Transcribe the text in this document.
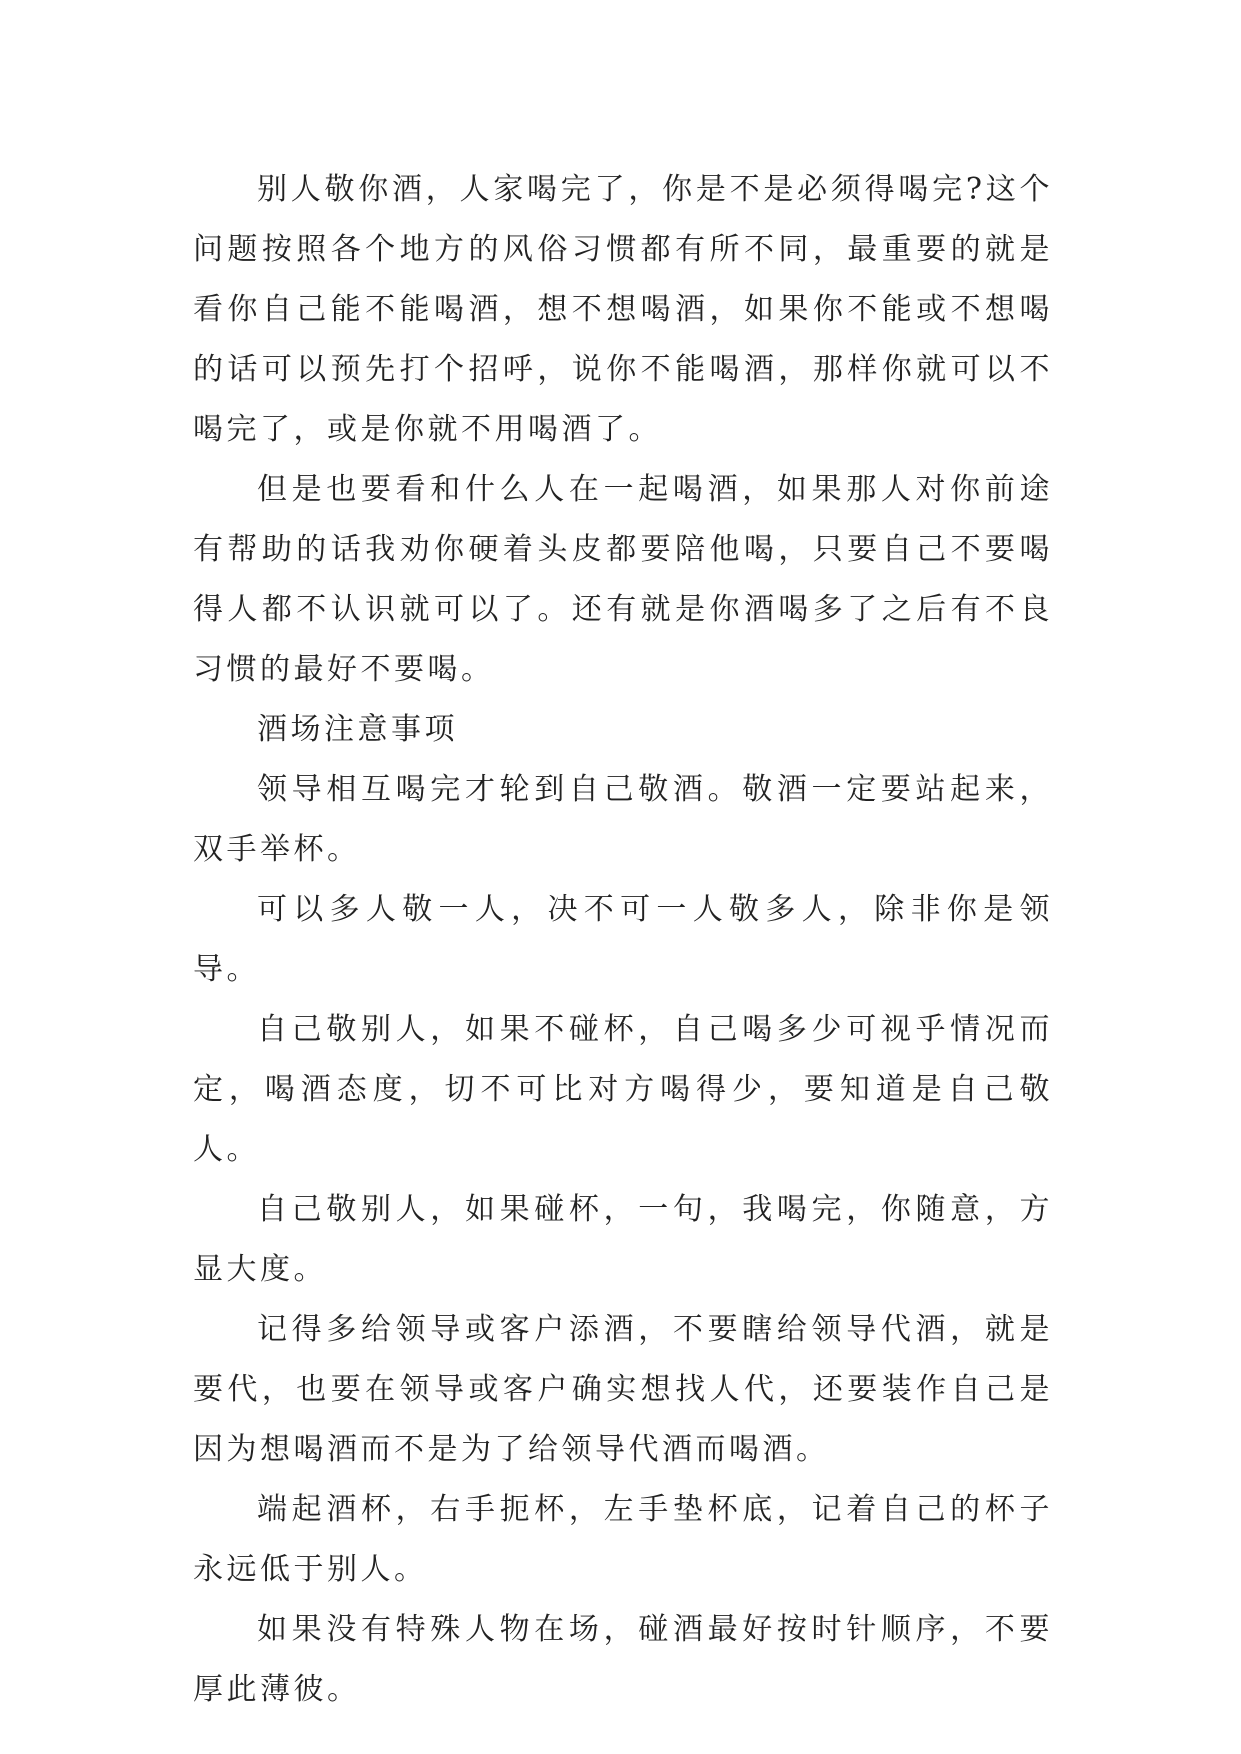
别人敬你酒，人家喝完了，你是不是必须得喝完?这个问题按照各个地方的风俗习惯都有所不同，最重要的就是看你自己能不能喝酒，想不想喝酒，如果你不能或不想喝的话可以预先打个招呼，说你不能喝酒，那样你就可以不喝完了，或是你就不用喝酒了。

但是也要看和什么人在一起喝酒，如果那人对你前途有帮助的话我劝你硬着头皮都要陪他喝，只要自己不要喝得人都不认识就可以了。还有就是你酒喝多了之后有不良习惯的最好不要喝。

酒场注意事项

领导相互喝完才轮到自己敬酒。敬酒一定要站起来，双手举杯。

可以多人敬一人，决不可一人敬多人，除非你是领导。

自己敬别人，如果不碰杯，自己喝多少可视乎情况而定，喝酒态度，切不可比对方喝得少，要知道是自己敬人。

自己敬别人，如果碰杯，一句，我喝完，你随意，方显大度。

记得多给领导或客户添酒，不要瞎给领导代酒，就是要代，也要在领导或客户确实想找人代，还要装作自己是因为想喝酒而不是为了给领导代酒而喝酒。

端起酒杯，右手扼杯，左手垫杯底，记着自己的杯子永远低于别人。

如果没有特殊人物在场，碰酒最好按时针顺序，不要厚此薄彼。
